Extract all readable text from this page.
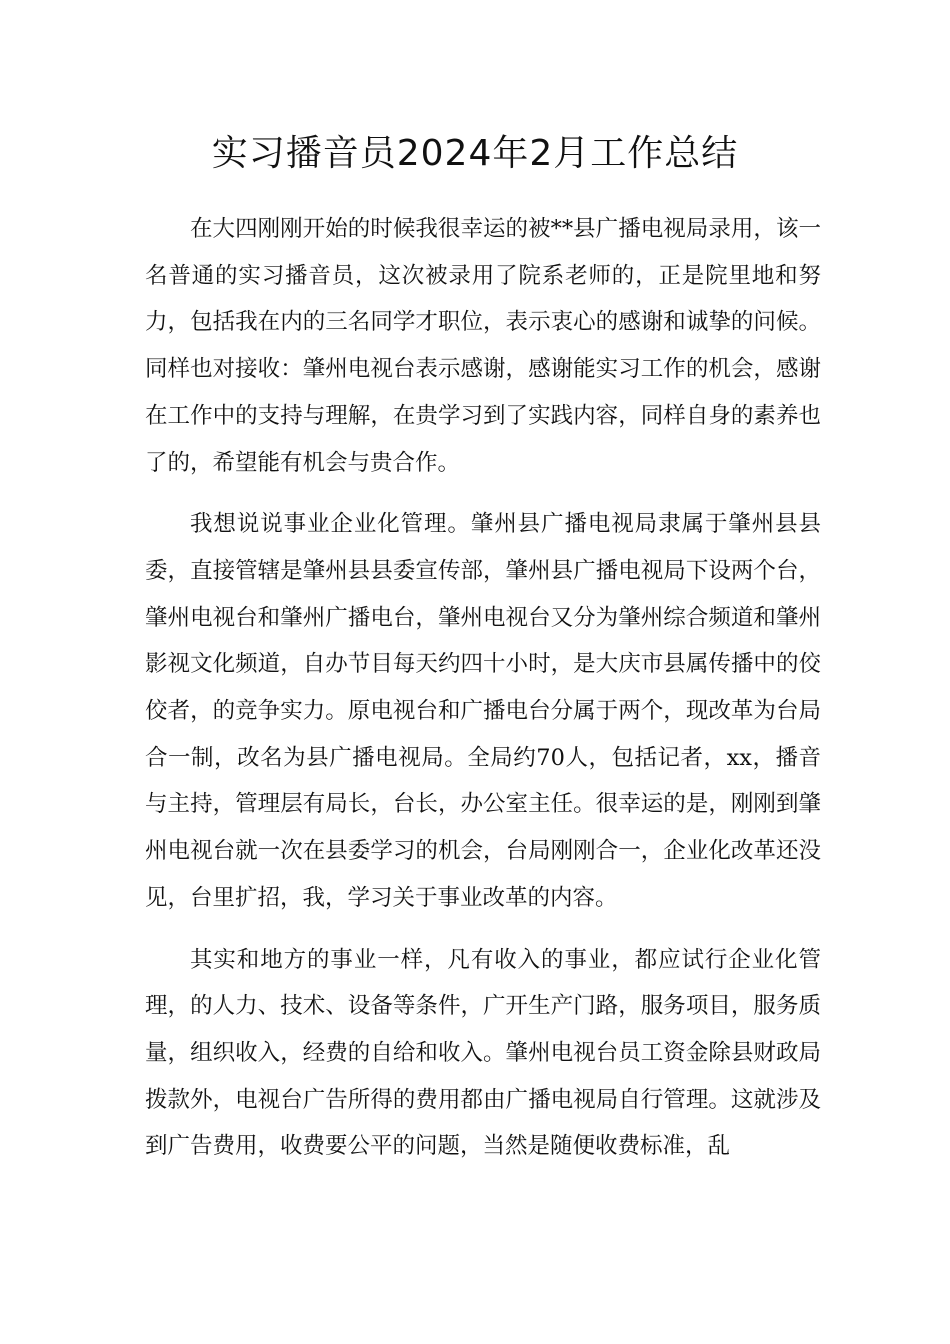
实习播音员2024年2月工作总结

在大四刚刚开始的时候我很幸运的被**县广播电视局录用，该一名普通的实习播音员，这次被录用了院系老师的，正是院里地和努力，包括我在内的三名同学才职位，表示衷心的感谢和诚挚的问候。同样也对接收：肇州电视台表示感谢，感谢能实习工作的机会，感谢在工作中的支持与理解，在贵学习到了实践内容，同样自身的素养也了的，希望能有机会与贵合作。

我想说说事业企业化管理。肇州县广播电视局隶属于肇州县县委，直接管辖是肇州县县委宣传部，肇州县广播电视局下设两个台，肇州电视台和肇州广播电台，肇州电视台又分为肇州综合频道和肇州影视文化频道，自办节目每天约四十小时，是大庆市县属传播中的佼佼者，的竞争实力。原电视台和广播电台分属于两个，现改革为台局合一制，改名为县广播电视局。全局约70人，包括记者，xx，播音与主持，管理层有局长，台长，办公室主任。很幸运的是，刚刚到肇州电视台就一次在县委学习的机会，台局刚刚合一，企业化改革还没见，台里扩招，我，学习关于事业改革的内容。

其实和地方的事业一样，凡有收入的事业，都应试行企业化管理，的人力、技术、设备等条件，广开生产门路，服务项目，服务质量，组织收入，经费的自给和收入。肇州电视台员工资金除县财政局拨款外，电视台广告所得的费用都由广播电视局自行管理。这就涉及到广告费用，收费要公平的问题，当然是随便收费标准，乱
